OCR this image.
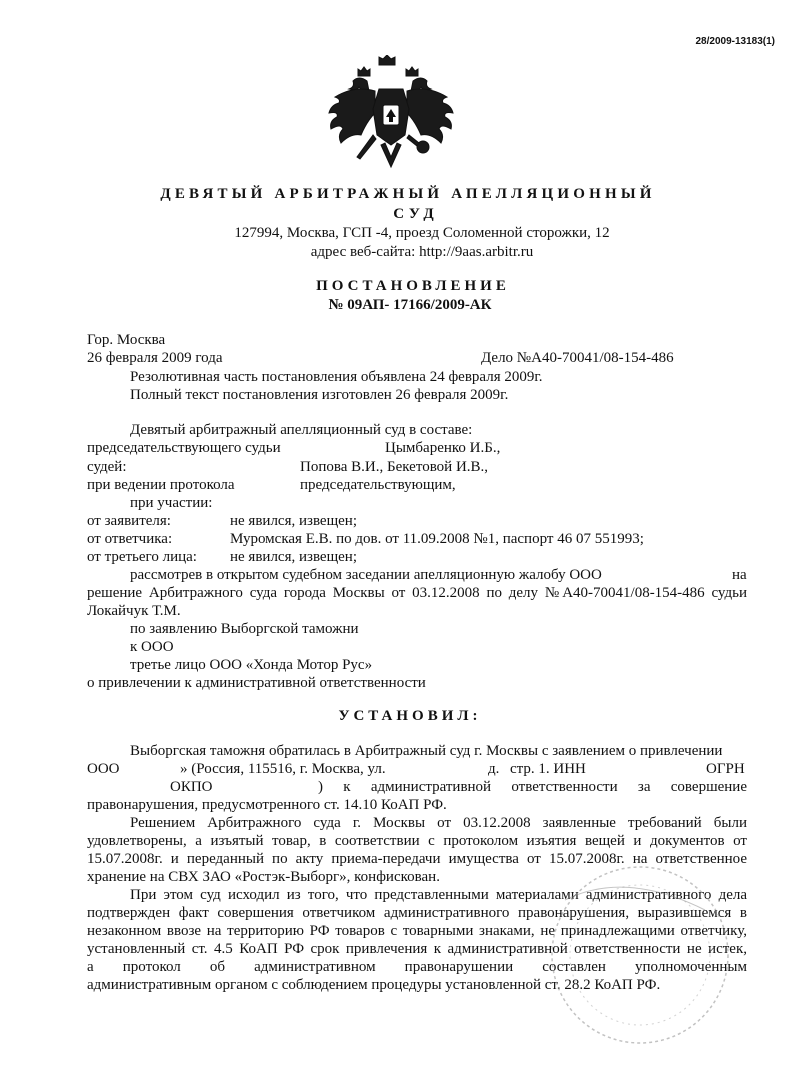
28/2009-13183(1)
ДЕВЯТЫЙ АРБИТРАЖНЫЙ АПЕЛЛЯЦИОННЫЙ
СУД
127994, Москва, ГСП -4, проезд Соломенной сторожки, 12
адрес веб-сайта: http://9aas.arbitr.ru
ПОСТАНОВЛЕНИЕ
№ 09АП- 17166/2009-АК
Гор. Москва
26 февраля 2009 года	Дело №А40-70041/08-154-486
Резолютивная часть постановления объявлена 24 февраля 2009г.
Полный текст постановления изготовлен 26 февраля 2009г.
Девятый арбитражный апелляционный суд в составе:
председательствующего судьи	Цымбаренко И.Б.,
судей:	Попова В.И., Бекетовой И.В.,
при ведении протокола	председательствующим,
при участии:
от заявителя:	не явился, извещен;
от ответчика:	Муромская Е.В. по дов. от 11.09.2008 №1, паспорт 46 07 551993;
от третьего лица: не явился, извещен;
рассмотрев в открытом судебном заседании апелляционную жалобу ООО	на
решение Арбитражного суда города Москвы от 03.12.2008 по делу №А40-70041/08-154-486 судьи
Локайчук Т.М.
по заявлению Выборгской таможни
к ООО
третье лицо ООО «Хонда Мотор Рус»
о привлечении к административной ответственности
УСТАНОВИЛ:
Выборгская таможня обратилась в Арбитражный суд г. Москвы с заявлением о привлечении
ООО	» (Россия, 115516, г. Москва, ул.	д. стр. 1. ИНН	ОГРН
ОКПО	) к административной ответственности за совершение
правонарушения, предусмотренного ст. 14.10 КоАП РФ.
Решением Арбитражного суда г. Москвы от 03.12.2008 заявленные требований были
удовлетворены, а изъятый товар, в соответствии с протоколом изъятия вещей и документов от
15.07.2008г. и переданный по акту приема-передачи имущества от 15.07.2008г. на ответственное
хранение на СВХ ЗАО «Ростэк-Выборг», конфискован.
При этом суд исходил из того, что представленными материалами административного дела
подтвержден факт совершения ответчиком административного правонарушения, выразившемся в
незаконном ввозе на территорию РФ товаров с товарными знаками, не принадлежащими ответчику,
установленный ст. 4.5 КоАП РФ срок привлечения к административной ответственности не истек,
а протокол об административном правонарушении составлен уполномоченным
административным органом с соблюдением процедуры установленной ст. 28.2 КоАП РФ.
